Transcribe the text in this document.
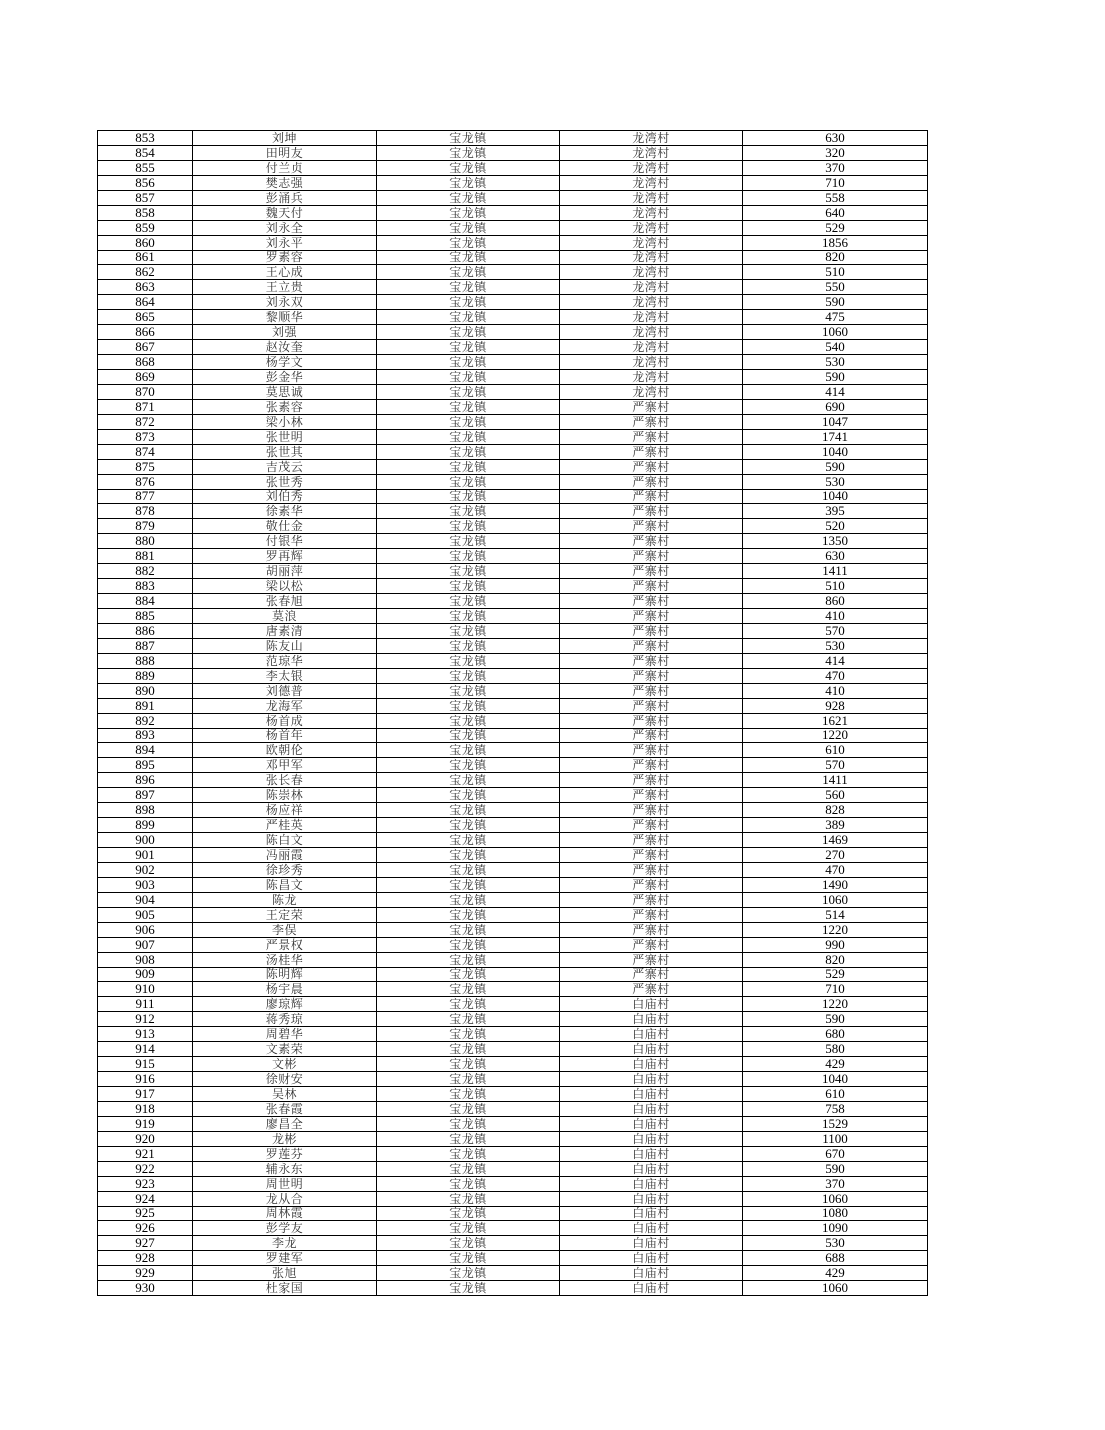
853	刘坤	宝龙镇	龙湾村	630
854	田明友	宝龙镇	龙湾村	320
855	付兰贞	宝龙镇	龙湾村	370
856	樊志强	宝龙镇	龙湾村	710
857	彭涌兵	宝龙镇	龙湾村	558
858	魏天付	宝龙镇	龙湾村	640
859	刘永全	宝龙镇	龙湾村	529
860	刘永平	宝龙镇	龙湾村	1856
861	罗素容	宝龙镇	龙湾村	820
862	王心成	宝龙镇	龙湾村	510
863	王立贵	宝龙镇	龙湾村	550
864	刘永双	宝龙镇	龙湾村	590
865	黎顺华	宝龙镇	龙湾村	475
866	刘强	宝龙镇	龙湾村	1060
867	赵汝奎	宝龙镇	龙湾村	540
868	杨学文	宝龙镇	龙湾村	530
869	彭金华	宝龙镇	龙湾村	590
870	莫思诚	宝龙镇	龙湾村	414
871	张素容	宝龙镇	严寨村	690
872	梁小林	宝龙镇	严寨村	1047
873	张世明	宝龙镇	严寨村	1741
874	张世其	宝龙镇	严寨村	1040
875	吉茂云	宝龙镇	严寨村	590
876	张世秀	宝龙镇	严寨村	530
877	刘伯秀	宝龙镇	严寨村	1040
878	徐素华	宝龙镇	严寨村	395
879	敬仕金	宝龙镇	严寨村	520
880	付银华	宝龙镇	严寨村	1350
881	罗再辉	宝龙镇	严寨村	630
882	胡丽萍	宝龙镇	严寨村	1411
883	梁以松	宝龙镇	严寨村	510
884	张春旭	宝龙镇	严寨村	860
885	莫浪	宝龙镇	严寨村	410
886	唐素清	宝龙镇	严寨村	570
887	陈友山	宝龙镇	严寨村	530
888	范琼华	宝龙镇	严寨村	414
889	李太银	宝龙镇	严寨村	470
890	刘德普	宝龙镇	严寨村	410
891	龙海军	宝龙镇	严寨村	928
892	杨首成	宝龙镇	严寨村	1621
893	杨首年	宝龙镇	严寨村	1220
894	欧朝伦	宝龙镇	严寨村	610
895	邓甲军	宝龙镇	严寨村	570
896	张长春	宝龙镇	严寨村	1411
897	陈崇林	宝龙镇	严寨村	560
898	杨应祥	宝龙镇	严寨村	828
899	严桂英	宝龙镇	严寨村	389
900	陈白文	宝龙镇	严寨村	1469
901	冯丽霞	宝龙镇	严寨村	270
902	徐珍秀	宝龙镇	严寨村	470
903	陈昌文	宝龙镇	严寨村	1490
904	陈龙	宝龙镇	严寨村	1060
905	王定荣	宝龙镇	严寨村	514
906	李俣	宝龙镇	严寨村	1220
907	严景权	宝龙镇	严寨村	990
908	汤桂华	宝龙镇	严寨村	820
909	陈明辉	宝龙镇	严寨村	529
910	杨宇晨	宝龙镇	严寨村	710
911	廖琼辉	宝龙镇	白庙村	1220
912	蒋秀琼	宝龙镇	白庙村	590
913	周碧华	宝龙镇	白庙村	680
914	文素荣	宝龙镇	白庙村	580
915	文彬	宝龙镇	白庙村	429
916	徐财安	宝龙镇	白庙村	1040
917	吴林	宝龙镇	白庙村	610
918	张春霞	宝龙镇	白庙村	758
919	廖昌全	宝龙镇	白庙村	1529
920	龙彬	宝龙镇	白庙村	1100
921	罗莲芬	宝龙镇	白庙村	670
922	辅永东	宝龙镇	白庙村	590
923	周世明	宝龙镇	白庙村	370
924	龙从合	宝龙镇	白庙村	1060
925	周林霞	宝龙镇	白庙村	1080
926	彭学友	宝龙镇	白庙村	1090
927	李龙	宝龙镇	白庙村	530
928	罗建军	宝龙镇	白庙村	688
929	张旭	宝龙镇	白庙村	429
930	杜家国	宝龙镇	白庙村	1060
